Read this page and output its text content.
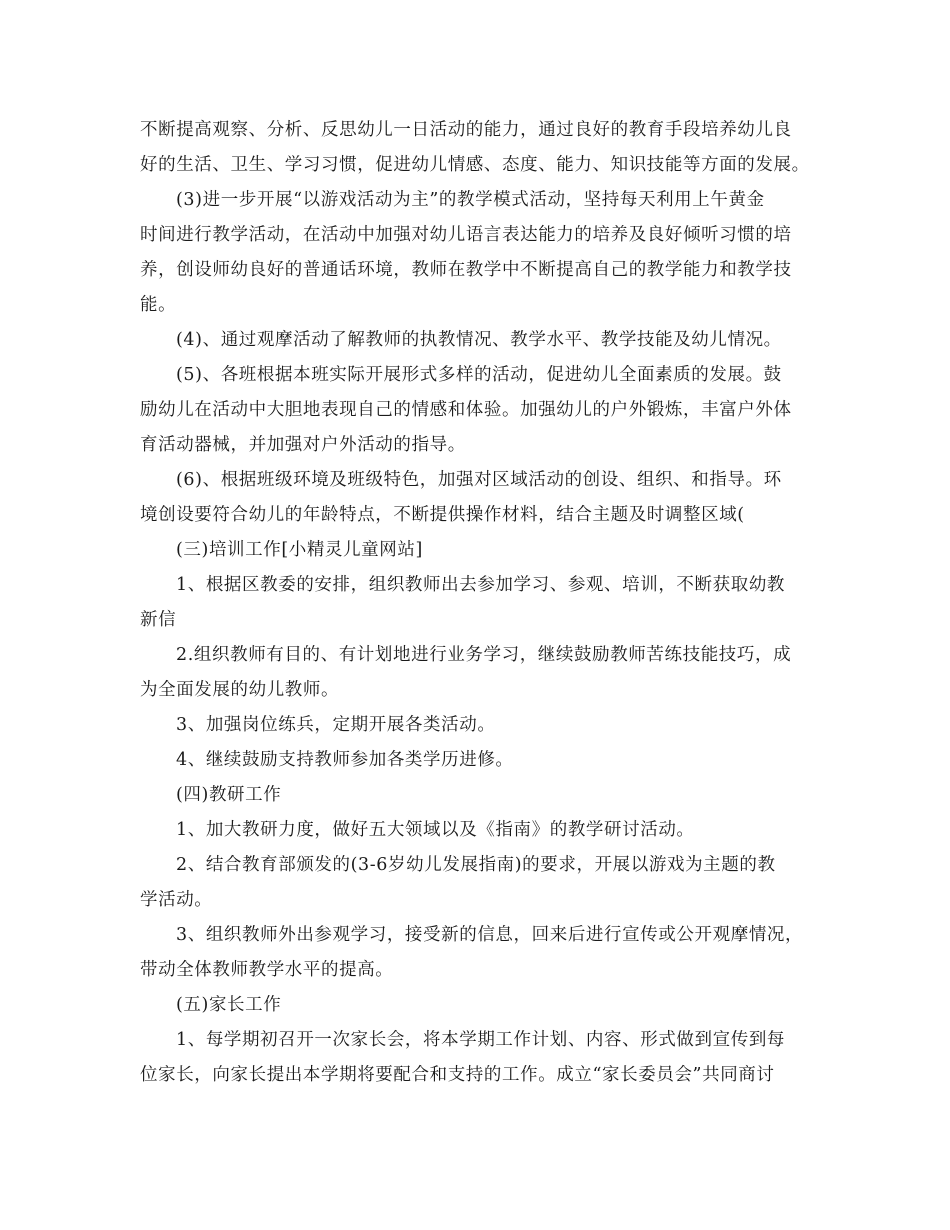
不断提高观察、分析、反思幼儿一日活动的能力，通过良好的教育手段培养幼儿良
好的生活、卫生、学习习惯，促进幼儿情感、态度、能力、知识技能等方面的发展。
(3)进一步开展“以游戏活动为主”的教学模式活动，坚持每天利用上午黄金
时间进行教学活动，在活动中加强对幼儿语言表达能力的培养及良好倾听习惯的培
养，创设师幼良好的普通话环境，教师在教学中不断提高自己的教学能力和教学技
能。
(4)、通过观摩活动了解教师的执教情况、教学水平、教学技能及幼儿情况。
(5)、各班根据本班实际开展形式多样的活动，促进幼儿全面素质的发展。鼓
励幼儿在活动中大胆地表现自己的情感和体验。加强幼儿的户外锻炼，丰富户外体
育活动器械，并加强对户外活动的指导。
(6)、根据班级环境及班级特色，加强对区域活动的创设、组织、和指导。环
境创设要符合幼儿的年龄特点，不断提供操作材料，结合主题及时调整区域(
(三)培训工作[小精灵儿童网站]
1、根据区教委的安排，组织教师出去参加学习、参观、培训，不断获取幼教
新信
2.组织教师有目的、有计划地进行业务学习，继续鼓励教师苦练技能技巧，成
为全面发展的幼儿教师。
3、加强岗位练兵，定期开展各类活动。
4、继续鼓励支持教师参加各类学历进修。
(四)教研工作
1、加大教研力度，做好五大领域以及《指南》的教学研讨活动。
2、结合教育部颁发的(3-6岁幼儿发展指南)的要求，开展以游戏为主题的教
学活动。
3、组织教师外出参观学习，接受新的信息，回来后进行宣传或公开观摩情况，
带动全体教师教学水平的提高。
(五)家长工作
1、每学期初召开一次家长会，将本学期工作计划、内容、形式做到宣传到每
位家长，向家长提出本学期将要配合和支持的工作。成立“家长委员会”共同商讨
